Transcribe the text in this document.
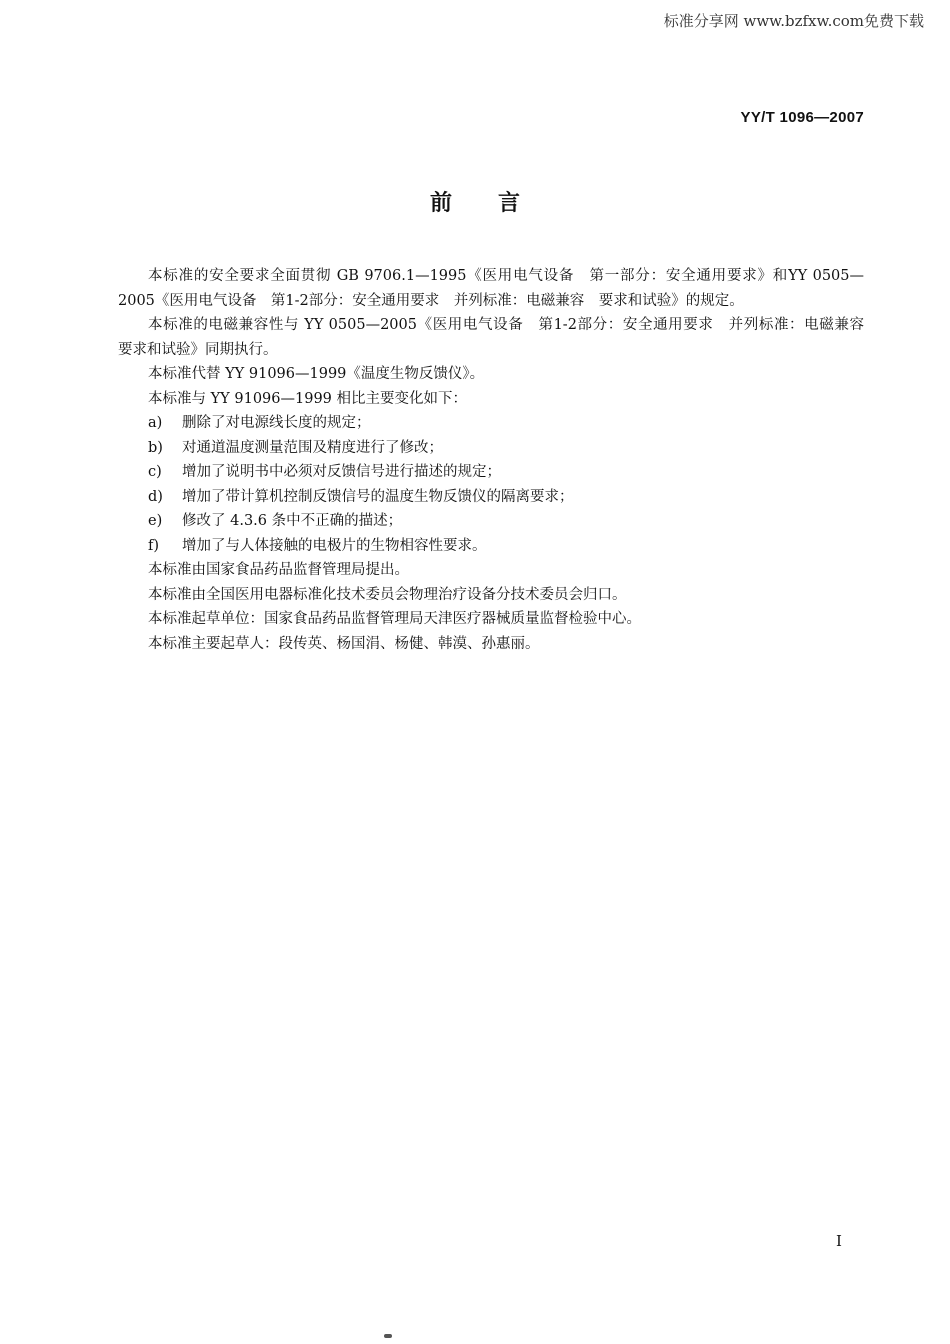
标准分享网 www.bzfxw.com免费下载
YY/T 1096—2007
前言

本标准的安全要求全面贯彻 GB 9706.1—1995《医用电气设备　第一部分：安全通用要求》和YY 0505—2005《医用电气设备　第1-2部分：安全通用要求　并列标准：电磁兼容　要求和试验》的规定。

本标准的电磁兼容性与 YY 0505—2005《医用电气设备　第1-2部分：安全通用要求　并列标准：电磁兼容　要求和试验》同期执行。

本标准代替 YY 91096—1999《温度生物反馈仪》。

本标准与 YY 91096—1999 相比主要变化如下：

a) 删除了对电源线长度的规定；

b) 对通道温度测量范围及精度进行了修改；

c) 增加了说明书中必须对反馈信号进行描述的规定；

d) 增加了带计算机控制反馈信号的温度生物反馈仪的隔离要求；

e) 修改了 4.3.6 条中不正确的描述；

f) 增加了与人体接触的电极片的生物相容性要求。

本标准由国家食品药品监督管理局提出。

本标准由全国医用电器标准化技术委员会物理治疗设备分技术委员会归口。

本标准起草单位：国家食品药品监督管理局天津医疗器械质量监督检验中心。

本标准主要起草人：段传英、杨国涓、杨健、韩漠、孙惠丽。

I
